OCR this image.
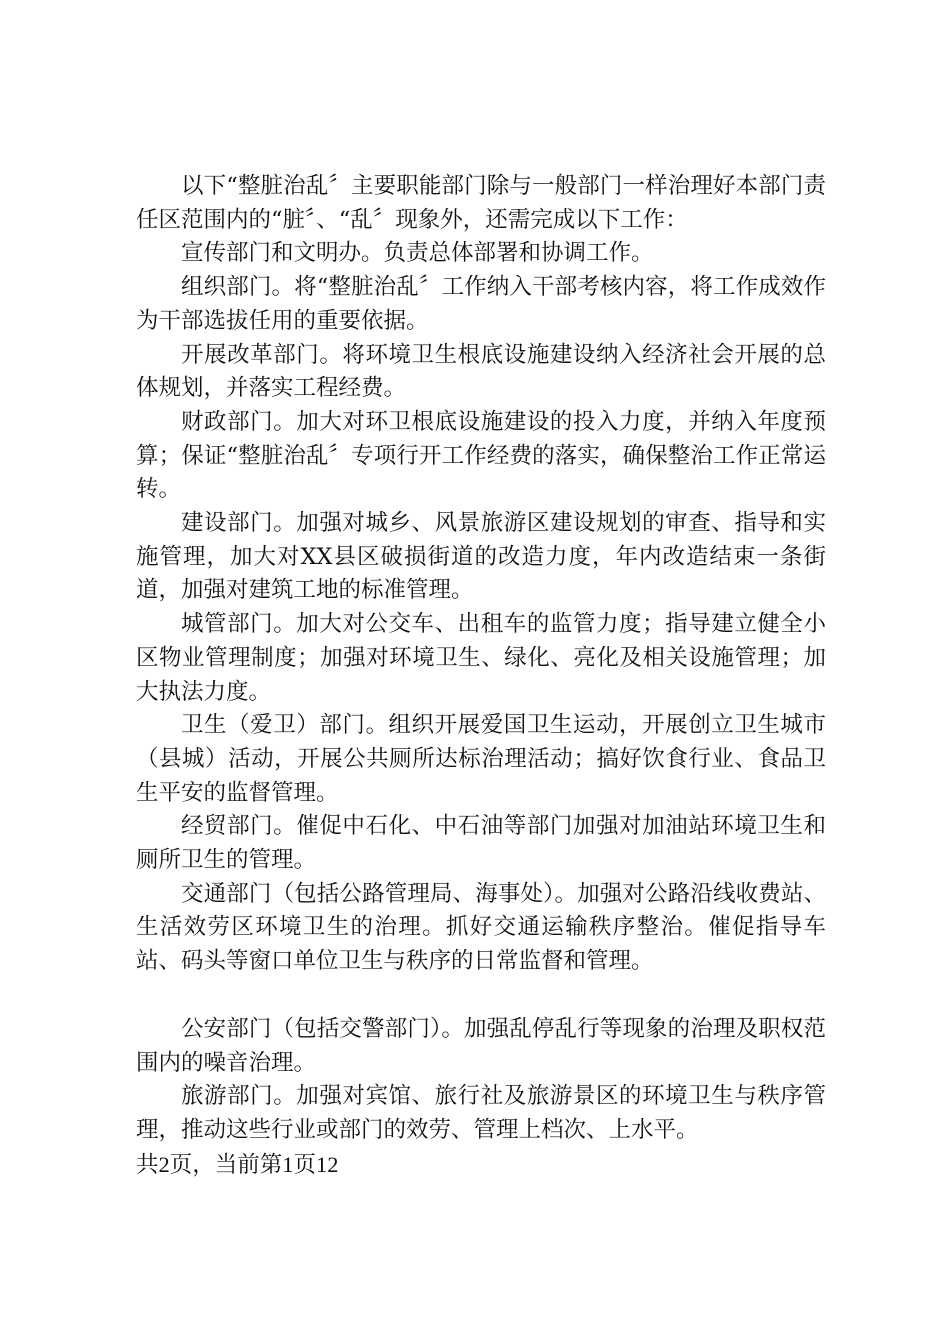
以下“整脏治乱〞主要职能部门除与一般部门一样治理好本部门责任区范围内的“脏〞、“乱〞现象外，还需完成以下工作：

宣传部门和文明办。负责总体部署和协调工作。

组织部门。将“整脏治乱〞工作纳入干部考核内容，将工作成效作为干部选拔任用的重要依据。

开展改革部门。将环境卫生根底设施建设纳入经济社会开展的总体规划，并落实工程经费。

财政部门。加大对环卫根底设施建设的投入力度，并纳入年度预算；保证“整脏治乱〞专项行开工作经费的落实，确保整治工作正常运转。

建设部门。加强对城乡、风景旅游区建设规划的审查、指导和实施管理，加大对XX县区破损街道的改造力度，年内改造结束一条街道，加强对建筑工地的标准管理。

城管部门。加大对公交车、出租车的监管力度；指导建立健全小区物业管理制度；加强对环境卫生、绿化、亮化及相关设施管理；加大执法力度。

卫生（爱卫）部门。组织开展爱国卫生运动，开展创立卫生城市（县城）活动，开展公共厕所达标治理活动；搞好饮食行业、食品卫生平安的监督管理。

经贸部门。催促中石化、中石油等部门加强对加油站环境卫生和厕所卫生的管理。

交通部门（包括公路管理局、海事处）。加强对公路沿线收费站、生活效劳区环境卫生的治理。抓好交通运输秩序整治。催促指导车站、码头等窗口单位卫生与秩序的日常监督和管理。

公安部门（包括交警部门）。加强乱停乱行等现象的治理及职权范围内的噪音治理。

旅游部门。加强对宾馆、旅行社及旅游景区的环境卫生与秩序管理，推动这些行业或部门的效劳、管理上档次、上水平。

共2页，当前第1页12
